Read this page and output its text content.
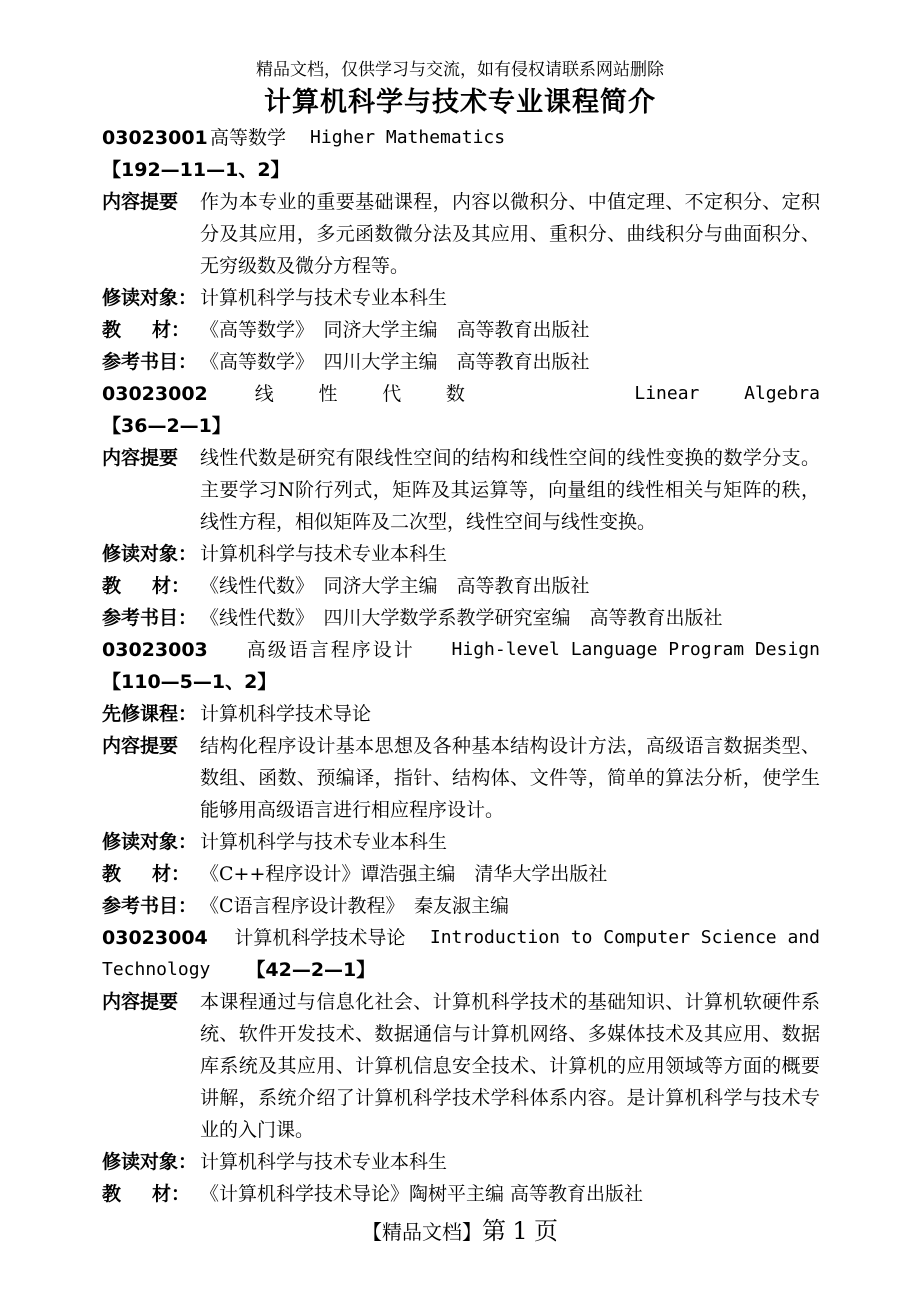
精品文档，仅供学习与交流，如有侵权请联系网站删除
计算机科学与技术专业课程简介
03023001 高等数学 Higher Mathematics
【192—11—1、2】
内容提要	作为本专业的重要基础课程，内容以微积分、中值定理、不定积分、定积分及其应用，多元函数微分法及其应用、重积分、曲线积分与曲面积分、无穷级数及微分方程等。
修读对象： 计算机科学与技术专业本科生
教 材： 《高等数学》　同济大学主编　高等教育出版社
参考书目： 《高等数学》　四川大学主编　高等教育出版社
03023002 线 性 代 数	Linear Algebra
【36—2—1】
内容提要	线性代数是研究有限线性空间的结构和线性空间的线性变换的数学分支。主要学习N阶行列式，矩阵及其运算等，向量组的线性相关与矩阵的秩，线性方程，相似矩阵及二次型，线性空间与线性变换。
修读对象： 计算机科学与技术专业本科生
教 材： 《线性代数》　同济大学主编　高等教育出版社
参考书目： 《线性代数》　四川大学数学系教学研究室编　高等教育出版社
03023003 高级语言程序设计 High-level Language Program Design
【110—5—1、2】
先修课程： 计算机科学技术导论
内容提要	结构化程序设计基本思想及各种基本结构设计方法，高级语言数据类型、数组、函数、预编译，指针、结构体、文件等，简单的算法分析，使学生能够用高级语言进行相应程序设计。
修读对象： 计算机科学与技术专业本科生
教 材： 《C++程序设计》谭浩强主编　清华大学出版社
参考书目： 《C语言程序设计教程》　秦友淑主编
03023004 计算机科学技术导论 Introduction to Computer Science and
Technology 【42—2—1】
内容提要	本课程通过与信息化社会、计算机科学技术的基础知识、计算机软硬件系统、软件开发技术、数据通信与计算机网络、多媒体技术及其应用、数据库系统及其应用、计算机信息安全技术、计算机的应用领域等方面的概要讲解，系统介绍了计算机科学技术学科体系内容。是计算机科学与技术专业的入门课。
修读对象： 计算机科学与技术专业本科生
教 材： 《计算机科学技术导论》陶树平主编 高等教育出版社
【精品文档】第 1 页
